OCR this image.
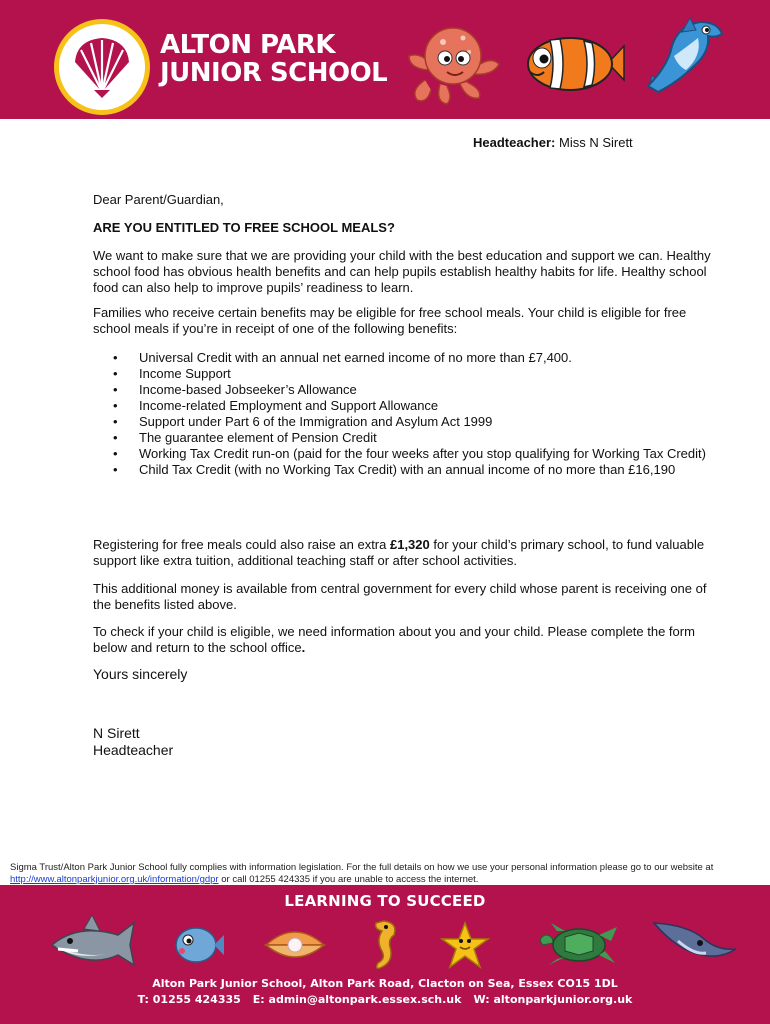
ALTON PARK
JUNIOR SCHOOL
Headteacher: Miss N Sirett
Dear Parent/Guardian,
ARE YOU ENTITLED TO FREE SCHOOL MEALS?
We want to make sure that we are providing your child with the best education and support we can. Healthy school food has obvious health benefits and can help pupils establish healthy habits for life. Healthy school food can also help to improve pupils’ readiness to learn.
Families who receive certain benefits may be eligible for free school meals. Your child is eligible for free school meals if you’re in receipt of one of the following benefits:
• Universal Credit with an annual net earned income of no more than £7,400.
• Income Support
• Income-based Jobseeker’s Allowance
• Income-related Employment and Support Allowance
• Support under Part 6 of the Immigration and Asylum Act 1999
• The guarantee element of Pension Credit
• Working Tax Credit run-on (paid for the four weeks after you stop qualifying for Working Tax Credit)
• Child Tax Credit (with no Working Tax Credit) with an annual income of no more than £16,190
Registering for free meals could also raise an extra £1,320 for your child’s primary school, to fund valuable support like extra tuition, additional teaching staff or after school activities.
This additional money is available from central government for every child whose parent is receiving one of the benefits listed above.
To check if your child is eligible, we need information about you and your child. Please complete the form below and return to the school office.
Yours sincerely
N Sirett
Headteacher
Sigma Trust/Alton Park Junior School fully complies with information legislation. For the full details on how we use your personal information please go to our website at http://www.altonparkjunior.org.uk/information/gdpr or call 01255 424335 if you are unable to access the internet.
LEARNING TO SUCCEED
Alton Park Junior School, Alton Park Road, Clacton on Sea, Essex CO15 1DL
T: 01255 424335 E: admin@altonpark.essex.sch.uk W: altonparkjunior.org.uk
